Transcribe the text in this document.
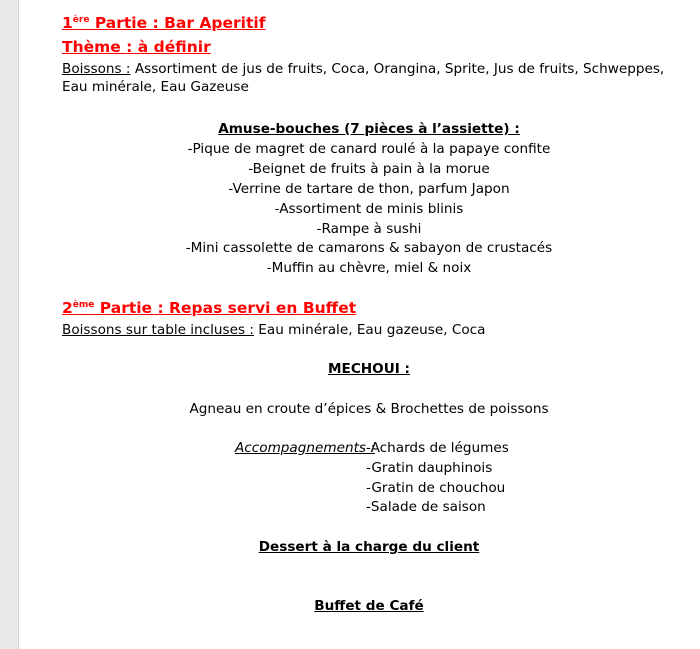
1ère Partie : Bar Aperitif
Thème : à définir
Boissons : Assortiment de jus de fruits, Coca, Orangina, Sprite, Jus de fruits, Schweppes, Eau minérale, Eau Gazeuse
Amuse-bouches (7 pièces à l’assiette) :
-Pique de magret de canard roulé à la papaye confite
-Beignet de fruits à pain à la morue
-Verrine de tartare de thon, parfum Japon
-Assortiment de minis blinis
-Rampe à sushi
-Mini cassolette de camarons & sabayon de crustacés
-Muffin au chèvre, miel & noix
2ème Partie : Repas servi en Buffet
Boissons sur table incluses : Eau minérale, Eau gazeuse, Coca
MECHOUI :
Agneau en croute d’épices & Brochettes de poissons
Accompagnements :
-Achards de légumes
-Gratin dauphinois
-Gratin de chouchou
-Salade de saison
Dessert à la charge du client
Buffet de Café
